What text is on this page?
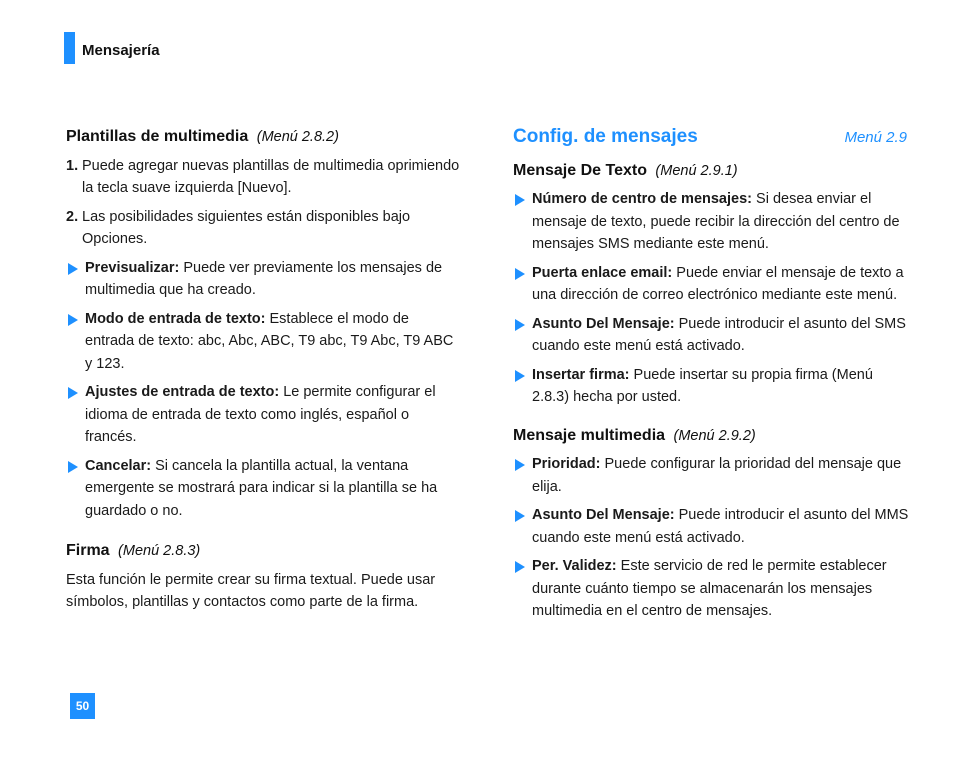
Mensajería
Plantillas de multimedia (Menú 2.8.2)
1. Puede agregar nuevas plantillas de multimedia oprimiendo la tecla suave izquierda [Nuevo].
2. Las posibilidades siguientes están disponibles bajo Opciones.
Previsualizar: Puede ver previamente los mensajes de multimedia que ha creado.
Modo de entrada de texto: Establece el modo de entrada de texto: abc, Abc, ABC, T9 abc, T9 Abc, T9 ABC y 123.
Ajustes de entrada de texto: Le permite configurar el idioma de entrada de texto como inglés, español o francés.
Cancelar: Si cancela la plantilla actual, la ventana emergente se mostrará para indicar si la plantilla se ha guardado o no.
Firma (Menú 2.8.3)
Esta función le permite crear su firma textual. Puede usar símbolos, plantillas y contactos como parte de la firma.
Config. de mensajes	Menú 2.9
Mensaje De Texto (Menú 2.9.1)
Número de centro de mensajes: Si desea enviar el mensaje de texto, puede recibir la dirección del centro de mensajes SMS mediante este menú.
Puerta enlace email: Puede enviar el mensaje de texto a una dirección de correo electrónico mediante este menú.
Asunto Del Mensaje: Puede introducir el asunto del SMS cuando este menú está activado.
Insertar firma: Puede insertar su propia firma (Menú 2.8.3) hecha por usted.
Mensaje multimedia (Menú 2.9.2)
Prioridad: Puede configurar la prioridad del mensaje que elija.
Asunto Del Mensaje: Puede introducir el asunto del MMS cuando este menú está activado.
Per. Validez: Este servicio de red le permite establecer durante cuánto tiempo se almacenarán los mensajes multimedia en el centro de mensajes.
50
